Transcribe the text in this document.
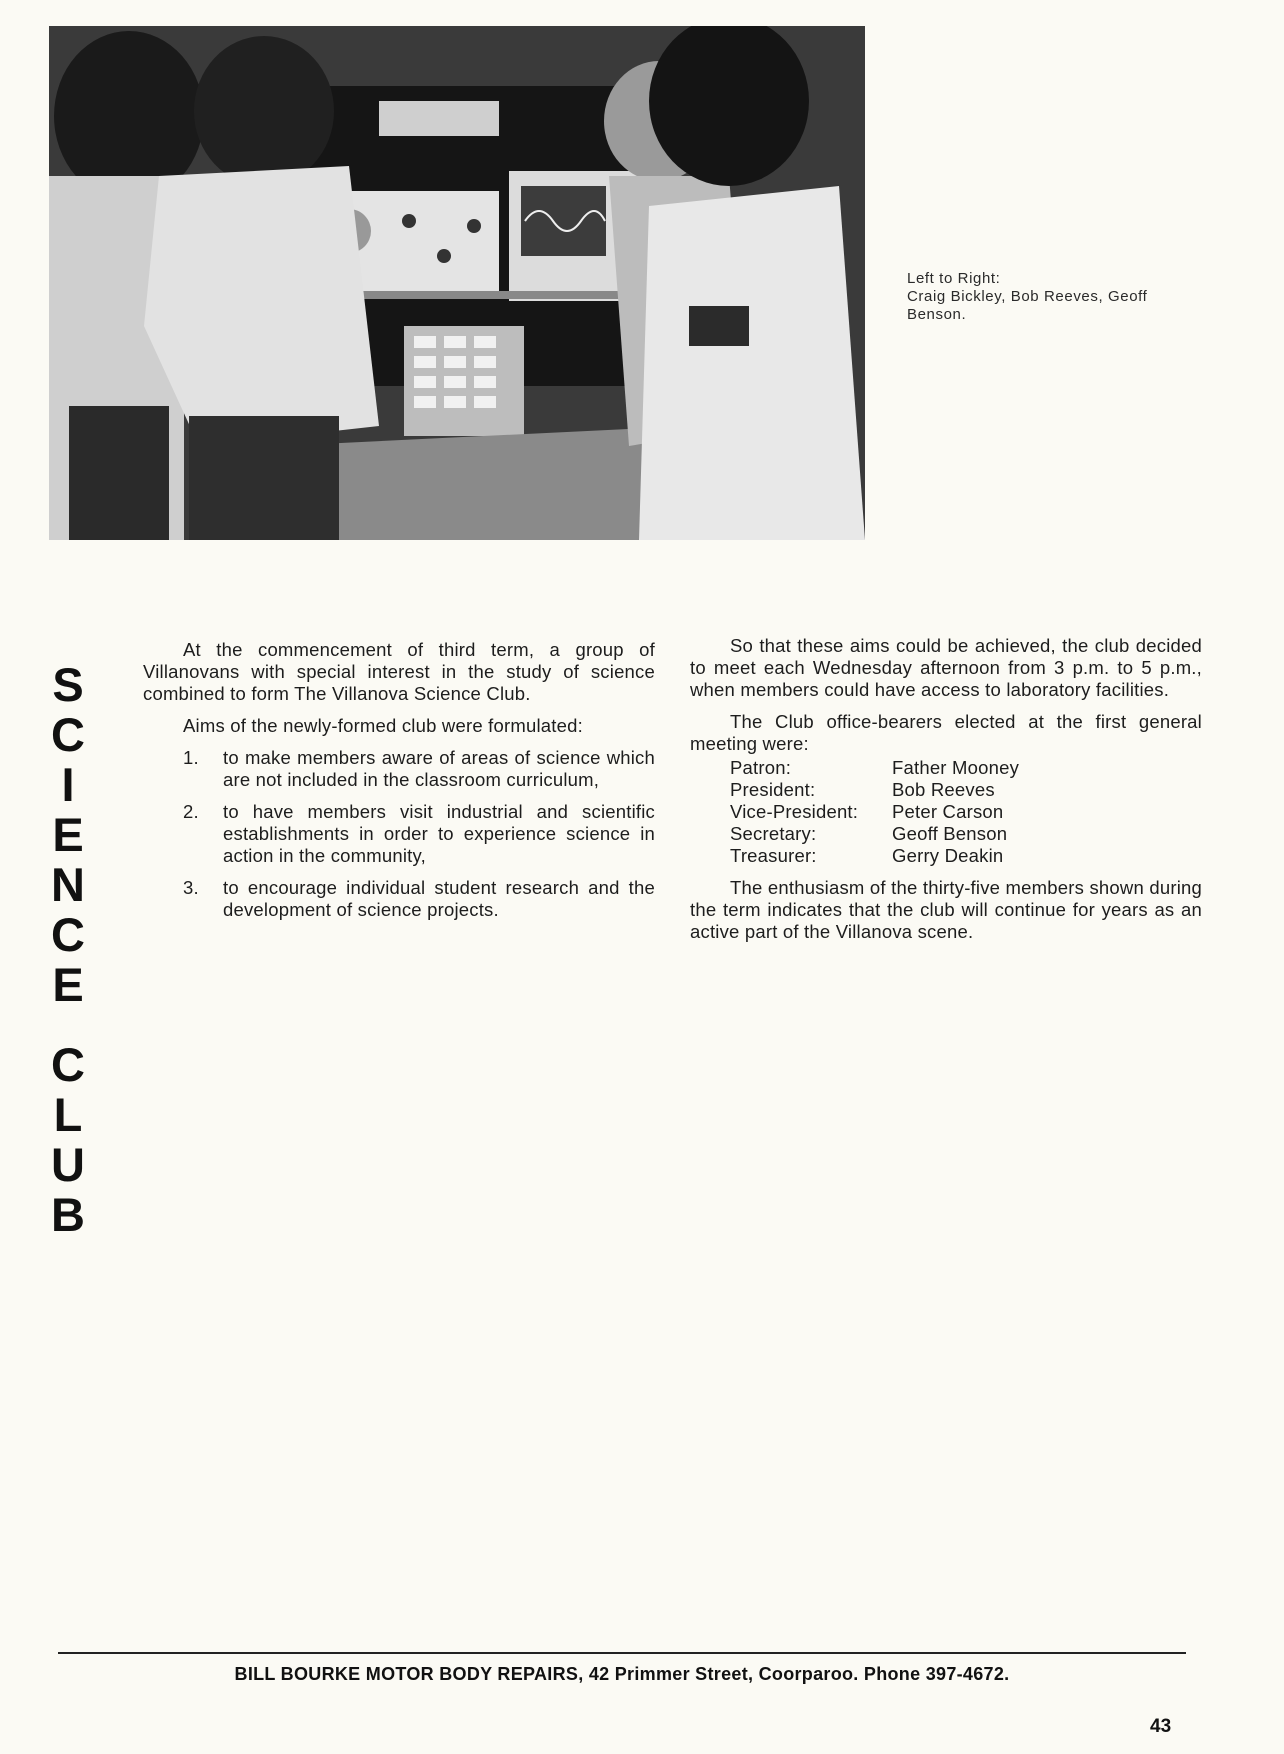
Left to Right:
Craig Bickley, Bob Reeves, Geoff
Benson.
S
C
I
E
N
C
E
C
L
U
B

At the commencement of third term, a group of Villanovans with special interest in the study of science combined to form The Villanova Science Club.

Aims of the newly-formed club were formulated:

1.	to make members aware of areas of science which are not included in the classroom curriculum,
2.	to have members visit industrial and scientific establishments in order to experience science in action in the community,
3.	to encourage individual student research and the development of science projects.

So that these aims could be achieved, the club decided to meet each Wednesday afternoon from 3 p.m. to 5 p.m., when members could have access to laboratory facilities.

The Club office-bearers elected at the first general meeting were:

Patron:	Father Mooney
President:	Bob Reeves
Vice-President:	Peter Carson
Secretary:	Geoff Benson
Treasurer:	Gerry Deakin

The enthusiasm of the thirty-five members shown during the term indicates that the club will continue for years as an active part of the Villanova scene.

BILL BOURKE MOTOR BODY REPAIRS, 42 Primmer Street, Coorparoo. Phone 397-4672.
43
